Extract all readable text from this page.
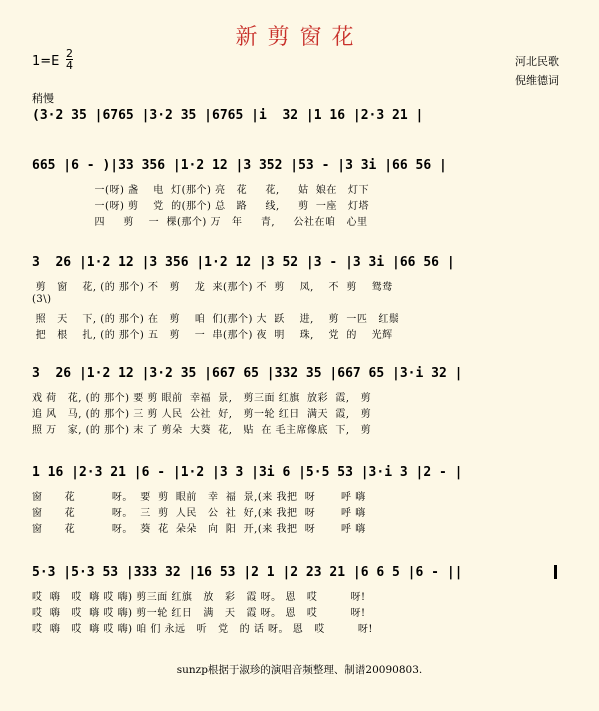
新剪窗花
$1=E \frac{2}{4}$	河北民歌
倪维德词
稍慢
(3·2 35 |6765 |3·2 35 |6765 |i  32 |1 16 |2·3 21 |
665 |6 - )|33 356 |1·2 12 |3 352 |53 - |3 3i |66 56 |
一(呀) 盏    电  灯(那个) 亮   花     花,     姑  娘在   灯下
一(呀) 剪    党  的(那个) 总   路     线,     剪  一座   灯塔
四     剪    一  棵(那个) 万   年     青,     公社在咱   心里
3  26 |1·2 12 |3 356 |1·2 12 |3 52 |3 - |3 3i |66 56 |
剪   窗    花, (的 那个) 不   剪    龙  来(那个) 不  剪    凤,    不  剪    鸳鸯
(3\)
照   天    下, (的 那个) 在   剪    咱  们(那个) 大  跃    进,    剪  一匹   红鬃
把   根    扎, (的 那个) 五   剪    一  串(那个) 夜  明    珠,    党  的    光辉
3  26 |1·2 12 |3·2 35 |667 65 |332 35 |667 65 |3·i 32 |
戏 荷   花, (的 那个) 要 剪 眼前  幸福  景,   剪三面 红旗  放彩  霞,   剪
追 风   马, (的 那个) 三 剪 人民  公社  好,   剪一轮 红日  满天  霞,   剪
照 万   家, (的 那个) 末 了 剪朵  大葵  花,   贴  在 毛主席像底  下,   剪
1 16 |2·3 21 |6 - |1·2 |3 3 |3i 6 |5·5 53 |3·i 3 |2 - |
窗      花          呀。  要  剪  眼前   幸  福  景,(来 我把  呀       呼 嗨
窗      花          呀。  三  剪  人民   公  社  好,(来 我把  呀       呼 嗨
窗      花          呀。  葵  花  朵朵   向  阳  开,(来 我把  呀       呼 嗨
5·3 |5·3 53 |333 32 |16 53 |2 1 |2 23 21 |6 6 5 |6 - ||
哎  嗨   哎  嗨 哎 嗨) 剪三面 红旗   放   彩   霞 呀。 恩   哎         呀!
哎  嗨   哎  嗨 哎 嗨) 剪一轮 红日   满   天   霞 呀。 恩   哎         呀!
哎  嗨   哎  嗨 哎 嗨) 咱 们 永远   听   党   的 话 呀。 恩   哎         呀!
sunzp根据于淑珍的演唱音频整理、制谱20090803.
